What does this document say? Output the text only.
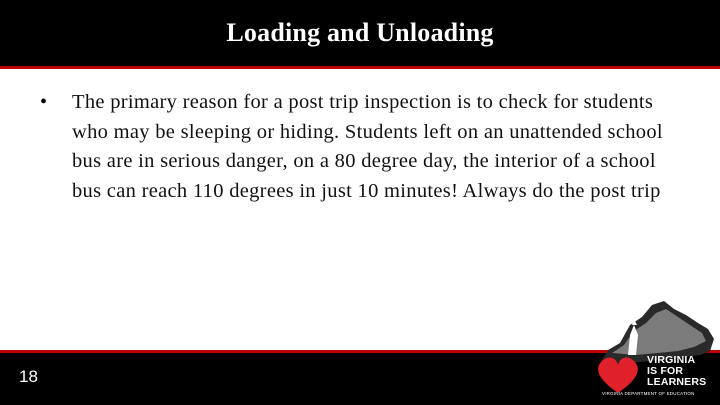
Loading and Unloading
•	The primary reason for a post trip inspection is to check for students who may be sleeping or hiding. Students left on an unattended school bus are in serious danger, on a 80 degree day, the interior of a school bus can reach 110 degrees in just 10 minutes! Always do the post trip
18
VIRGINIA DEPARTMENT OF EDUCATION
VIRGINIA
IS FOR
LEARNERS
